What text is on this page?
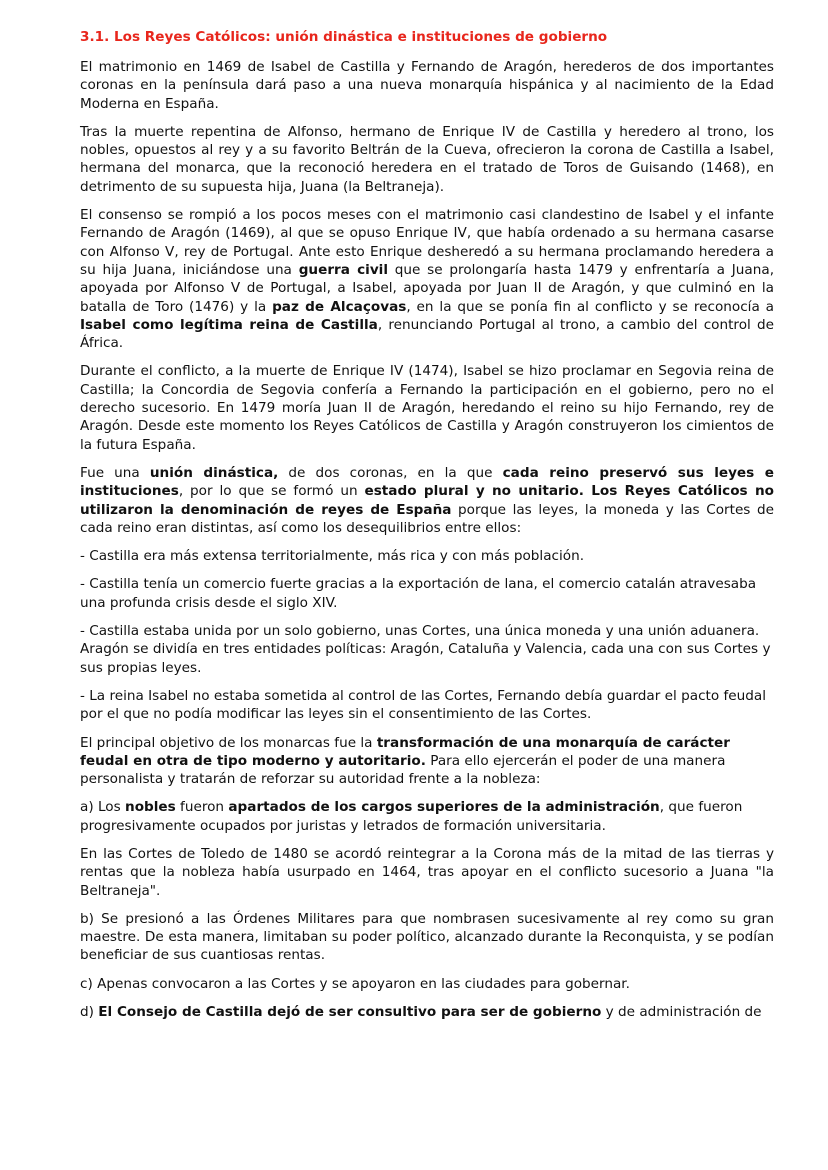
3.1. Los Reyes Católicos: unión dinástica e instituciones de gobierno

El matrimonio en 1469 de Isabel de Castilla y Fernando de Aragón, herederos de dos importantes coronas en la península dará paso a una nueva monarquía hispánica y al nacimiento de la Edad Moderna en España.

Tras la muerte repentina de Alfonso, hermano de Enrique IV de Castilla y heredero al trono, los nobles, opuestos al rey y a su favorito Beltrán de la Cueva, ofrecieron la corona de Castilla a Isabel, hermana del monarca, que la reconoció heredera en el tratado de Toros de Guisando (1468), en detrimento de su supuesta hija, Juana (la Beltraneja).

El consenso se rompió a los pocos meses con el matrimonio casi clandestino de Isabel y el infante Fernando de Aragón (1469), al que se opuso Enrique IV, que había ordenado a su hermana casarse con Alfonso V, rey de Portugal. Ante esto Enrique desheredó a su hermana proclamando heredera a su hija Juana, iniciándose una guerra civil que se prolongaría hasta 1479 y enfrentaría a Juana, apoyada por Alfonso V de Portugal, a Isabel, apoyada por Juan II de Aragón, y que culminó en la batalla de Toro (1476) y la paz de Alcaçovas, en la que se ponía fin al conflicto y se reconocía a Isabel como legítima reina de Castilla, renunciando Portugal al trono, a cambio del control de África.

Durante el conflicto, a la muerte de Enrique IV (1474), Isabel se hizo proclamar en Segovia reina de Castilla; la Concordia de Segovia confería a Fernando la participación en el gobierno, pero no el derecho sucesorio. En 1479 moría Juan II de Aragón, heredando el reino su hijo Fernando, rey de Aragón. Desde este momento los Reyes Católicos de Castilla y Aragón construyeron los cimientos de la futura España.

Fue una unión dinástica, de dos coronas, en la que cada reino preservó sus leyes e instituciones, por lo que se formó un estado plural y no unitario. Los Reyes Católicos no utilizaron la denominación de reyes de España porque las leyes, la moneda y las Cortes de cada reino eran distintas, así como los desequilibrios entre ellos:

- Castilla era más extensa territorialmente, más rica y con más población.

- Castilla tenía un comercio fuerte gracias a la exportación de lana, el comercio catalán atravesaba una profunda crisis desde el siglo XIV.

- Castilla estaba unida por un solo gobierno, unas Cortes, una única moneda y una unión aduanera. Aragón se dividía en tres entidades políticas: Aragón, Cataluña y Valencia, cada una con sus Cortes y sus propias leyes.

- La reina Isabel no estaba sometida al control de las Cortes, Fernando debía guardar el pacto feudal por el que no podía modificar las leyes sin el consentimiento de las Cortes.

El principal objetivo de los monarcas fue la transformación de una monarquía de carácter feudal en otra de tipo moderno y autoritario. Para ello ejercerán el poder de una manera personalista y tratarán de reforzar su autoridad frente a la nobleza:

a) Los nobles fueron apartados de los cargos superiores de la administración, que fueron progresivamente ocupados por juristas y letrados de formación universitaria.

En las Cortes de Toledo de 1480 se acordó reintegrar a la Corona más de la mitad de las tierras y rentas que la nobleza había usurpado en 1464, tras apoyar en el conflicto sucesorio a Juana "la Beltraneja".

b) Se presionó a las Órdenes Militares para que nombrasen sucesivamente al rey como su gran maestre. De esta manera, limitaban su poder político, alcanzado durante la Reconquista, y se podían beneficiar de sus cuantiosas rentas.

c) Apenas convocaron a las Cortes y se apoyaron en las ciudades para gobernar.

d) El Consejo de Castilla dejó de ser consultivo para ser de gobierno y de administración de
